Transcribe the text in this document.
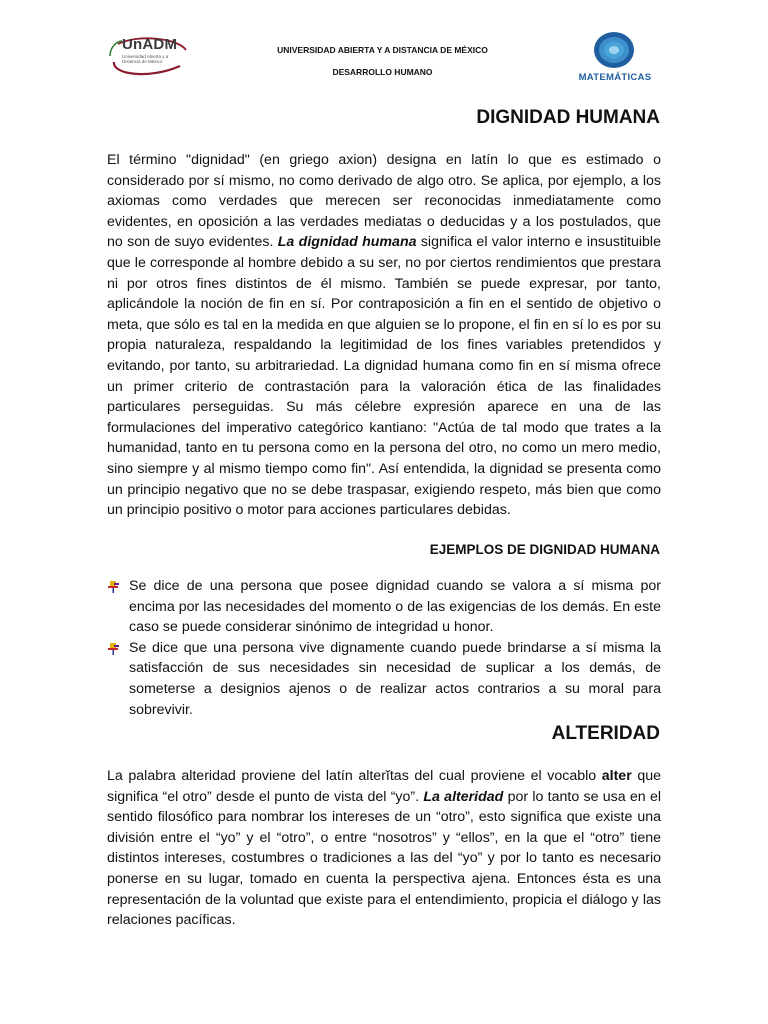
UnADM
Universidad Abierta y a Distancia de México
UNIVERSIDAD ABIERTA Y A DISTANCIA DE MÉXICO
DESARROLLO HUMANO	MATEMÁTICAS
DIGNIDAD HUMANA
El término "dignidad" (en griego axion) designa en latín lo que es estimado o considerado por sí mismo, no como derivado de algo otro. Se aplica, por ejemplo, a los axiomas como verdades que merecen ser reconocidas inmediatamente como evidentes, en oposición a las verdades mediatas o deducidas y a los postulados, que no son de suyo evidentes. La dignidad humana significa el valor interno e insustituible que le corresponde al hombre debido a su ser, no por ciertos rendimientos que prestara ni por otros fines distintos de él mismo. También se puede expresar, por tanto, aplicándole la noción de fin en sí. Por contraposición a fin en el sentido de objetivo o meta, que sólo es tal en la medida en que alguien se lo propone, el fin en sí lo es por su propia naturaleza, respaldando la legitimidad de los fines variables pretendidos y evitando, por tanto, su arbitrariedad. La dignidad humana como fin en sí misma ofrece un primer criterio de contrastación para la valoración ética de las finalidades particulares perseguidas. Su más célebre expresión aparece en una de las formulaciones del imperativo categórico kantiano: "Actúa de tal modo que trates a la humanidad, tanto en tu persona como en la persona del otro, no como un mero medio, sino siempre y al mismo tiempo como fin". Así entendida, la dignidad se presenta como un principio negativo que no se debe traspasar, exigiendo respeto, más bien que como un principio positivo o motor para acciones particulares debidas.
EJEMPLOS DE DIGNIDAD HUMANA
Se dice de una persona que posee dignidad cuando se valora a sí misma por encima por las necesidades del momento o de las exigencias de los demás. En este caso se puede considerar sinónimo de integridad u honor.
Se dice que una persona vive dignamente cuando puede brindarse a sí misma la satisfacción de sus necesidades sin necesidad de suplicar a los demás, de someterse a designios ajenos o de realizar actos contrarios a su moral para sobrevivir.
ALTERIDAD
La palabra alteridad proviene del latín alterĭtas del cual proviene el vocablo alter que significa “el otro” desde el punto de vista del “yo”. La alteridad por lo tanto se usa en el sentido filosófico para nombrar los intereses de un “otro”, esto significa que existe una división entre el “yo” y el “otro”, o entre “nosotros” y “ellos”, en la que el “otro” tiene distintos intereses, costumbres o tradiciones a las del “yo” y por lo tanto es necesario ponerse en su lugar, tomado en cuenta la perspectiva ajena. Entonces ésta es una representación de la voluntad que existe para el entendimiento, propicia el diálogo y las relaciones pacíficas.
